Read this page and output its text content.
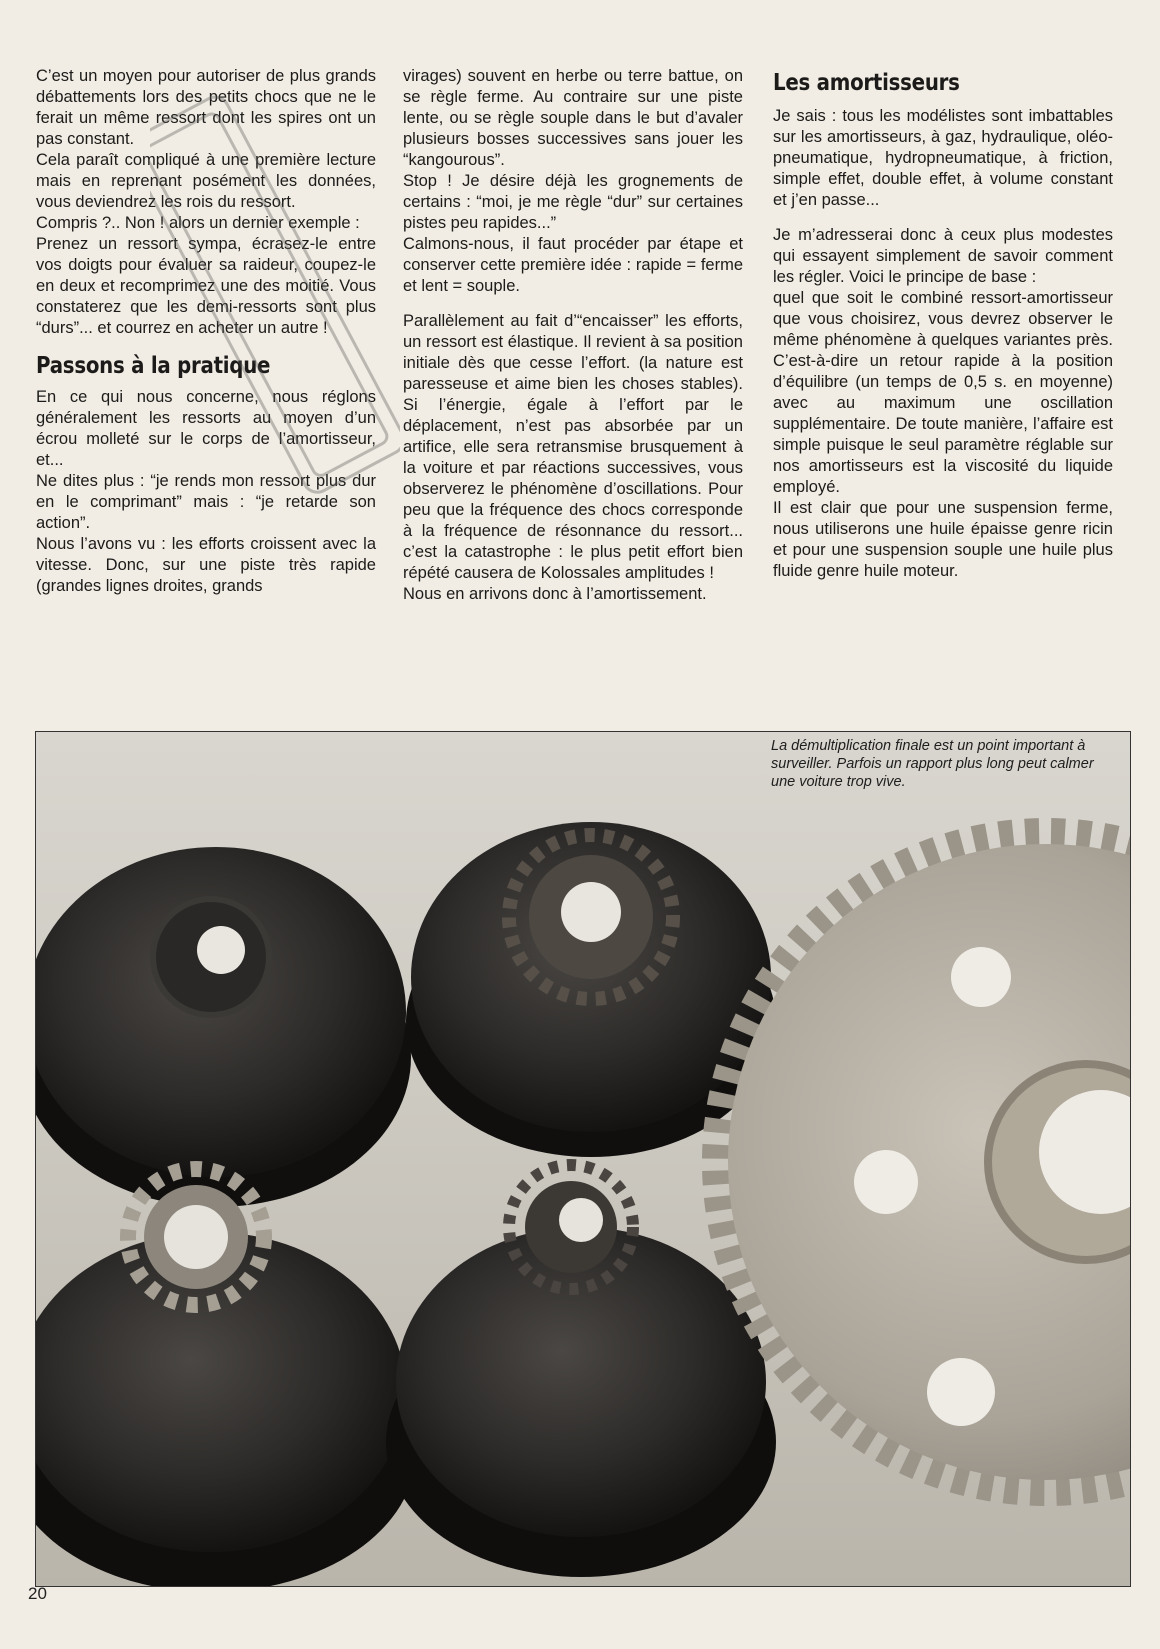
C’est un moyen pour autoriser de plus grands débattements lors des petits chocs que ne le ferait un même ressort dont les spires ont un pas constant.

Cela paraît compliqué à une première lecture mais en reprenant posément les données, vous deviendrez les rois du ressort.

Compris ?.. Non ! alors un dernier exemple :

Prenez un ressort sympa, écrasez-le entre vos doigts pour évaluer sa raideur, coupez-le en deux et recomprimez une des moitié. Vous constaterez que les demi-ressorts sont plus “durs”... et courrez en acheter un autre !

Passons à la pratique

En ce qui nous concerne, nous réglons généralement les ressorts au moyen d’un écrou molleté sur le corps de l’amortisseur, et...

Ne dites plus : “je rends mon ressort plus dur en le comprimant” mais : “je retarde son action”.

Nous l’avons vu : les efforts croissent avec la vitesse. Donc, sur une piste très rapide (grandes lignes droites, grands

virages) souvent en herbe ou terre battue, on se règle ferme. Au contraire sur une piste lente, ou se règle souple dans le but d’avaler plusieurs bosses successives sans jouer les “kangourous”.

Stop ! Je désire déjà les grognements de certains : “moi, je me règle “dur” sur certaines pistes peu rapides...”

Calmons-nous, il faut procéder par étape et conserver cette première idée : rapide = ferme et lent = souple.

Parallèlement au fait d’“encaisser” les efforts, un ressort est élastique. Il revient à sa position initiale dès que cesse l’effort. (la nature est paresseuse et aime bien les choses stables). Si l’énergie, égale à l’effort par le déplacement, n’est pas absorbée par un artifice, elle sera retransmise brusquement à la voiture et par réactions successives, vous observerez le phénomène d’oscillations. Pour peu que la fréquence des chocs corresponde à la fréquence de résonnance du ressort... c’est la catastrophe : le plus petit effort bien répété causera de Kolossales amplitudes !

Nous en arrivons donc à l’amortissement.

Les amortisseurs

Je sais : tous les modélistes sont imbattables sur les amortisseurs, à gaz, hydraulique, oléo-pneumatique, hydropneumatique, à friction, simple effet, double effet, à volume constant et j’en passe...

Je m’adresserai donc à ceux plus modestes qui essayent simplement de savoir comment les régler. Voici le principe de base :

quel que soit le combiné ressort-amortisseur que vous choisirez, vous devrez observer le même phénomène à quelques variantes près. C’est-à-dire un retour rapide à la position d’équilibre (un temps de 0,5 s. en moyenne) avec au maximum une oscillation supplémentaire. De toute manière, l’affaire est simple puisque le seul paramètre réglable sur nos amortisseurs est la viscosité du liquide employé.

Il est clair que pour une suspension ferme, nous utiliserons une huile épaisse genre ricin et pour une suspension souple une huile plus fluide genre huile moteur.

La démultiplication finale est un point important à surveiller. Parfois un rapport plus long peut calmer une voiture trop vive.
20
